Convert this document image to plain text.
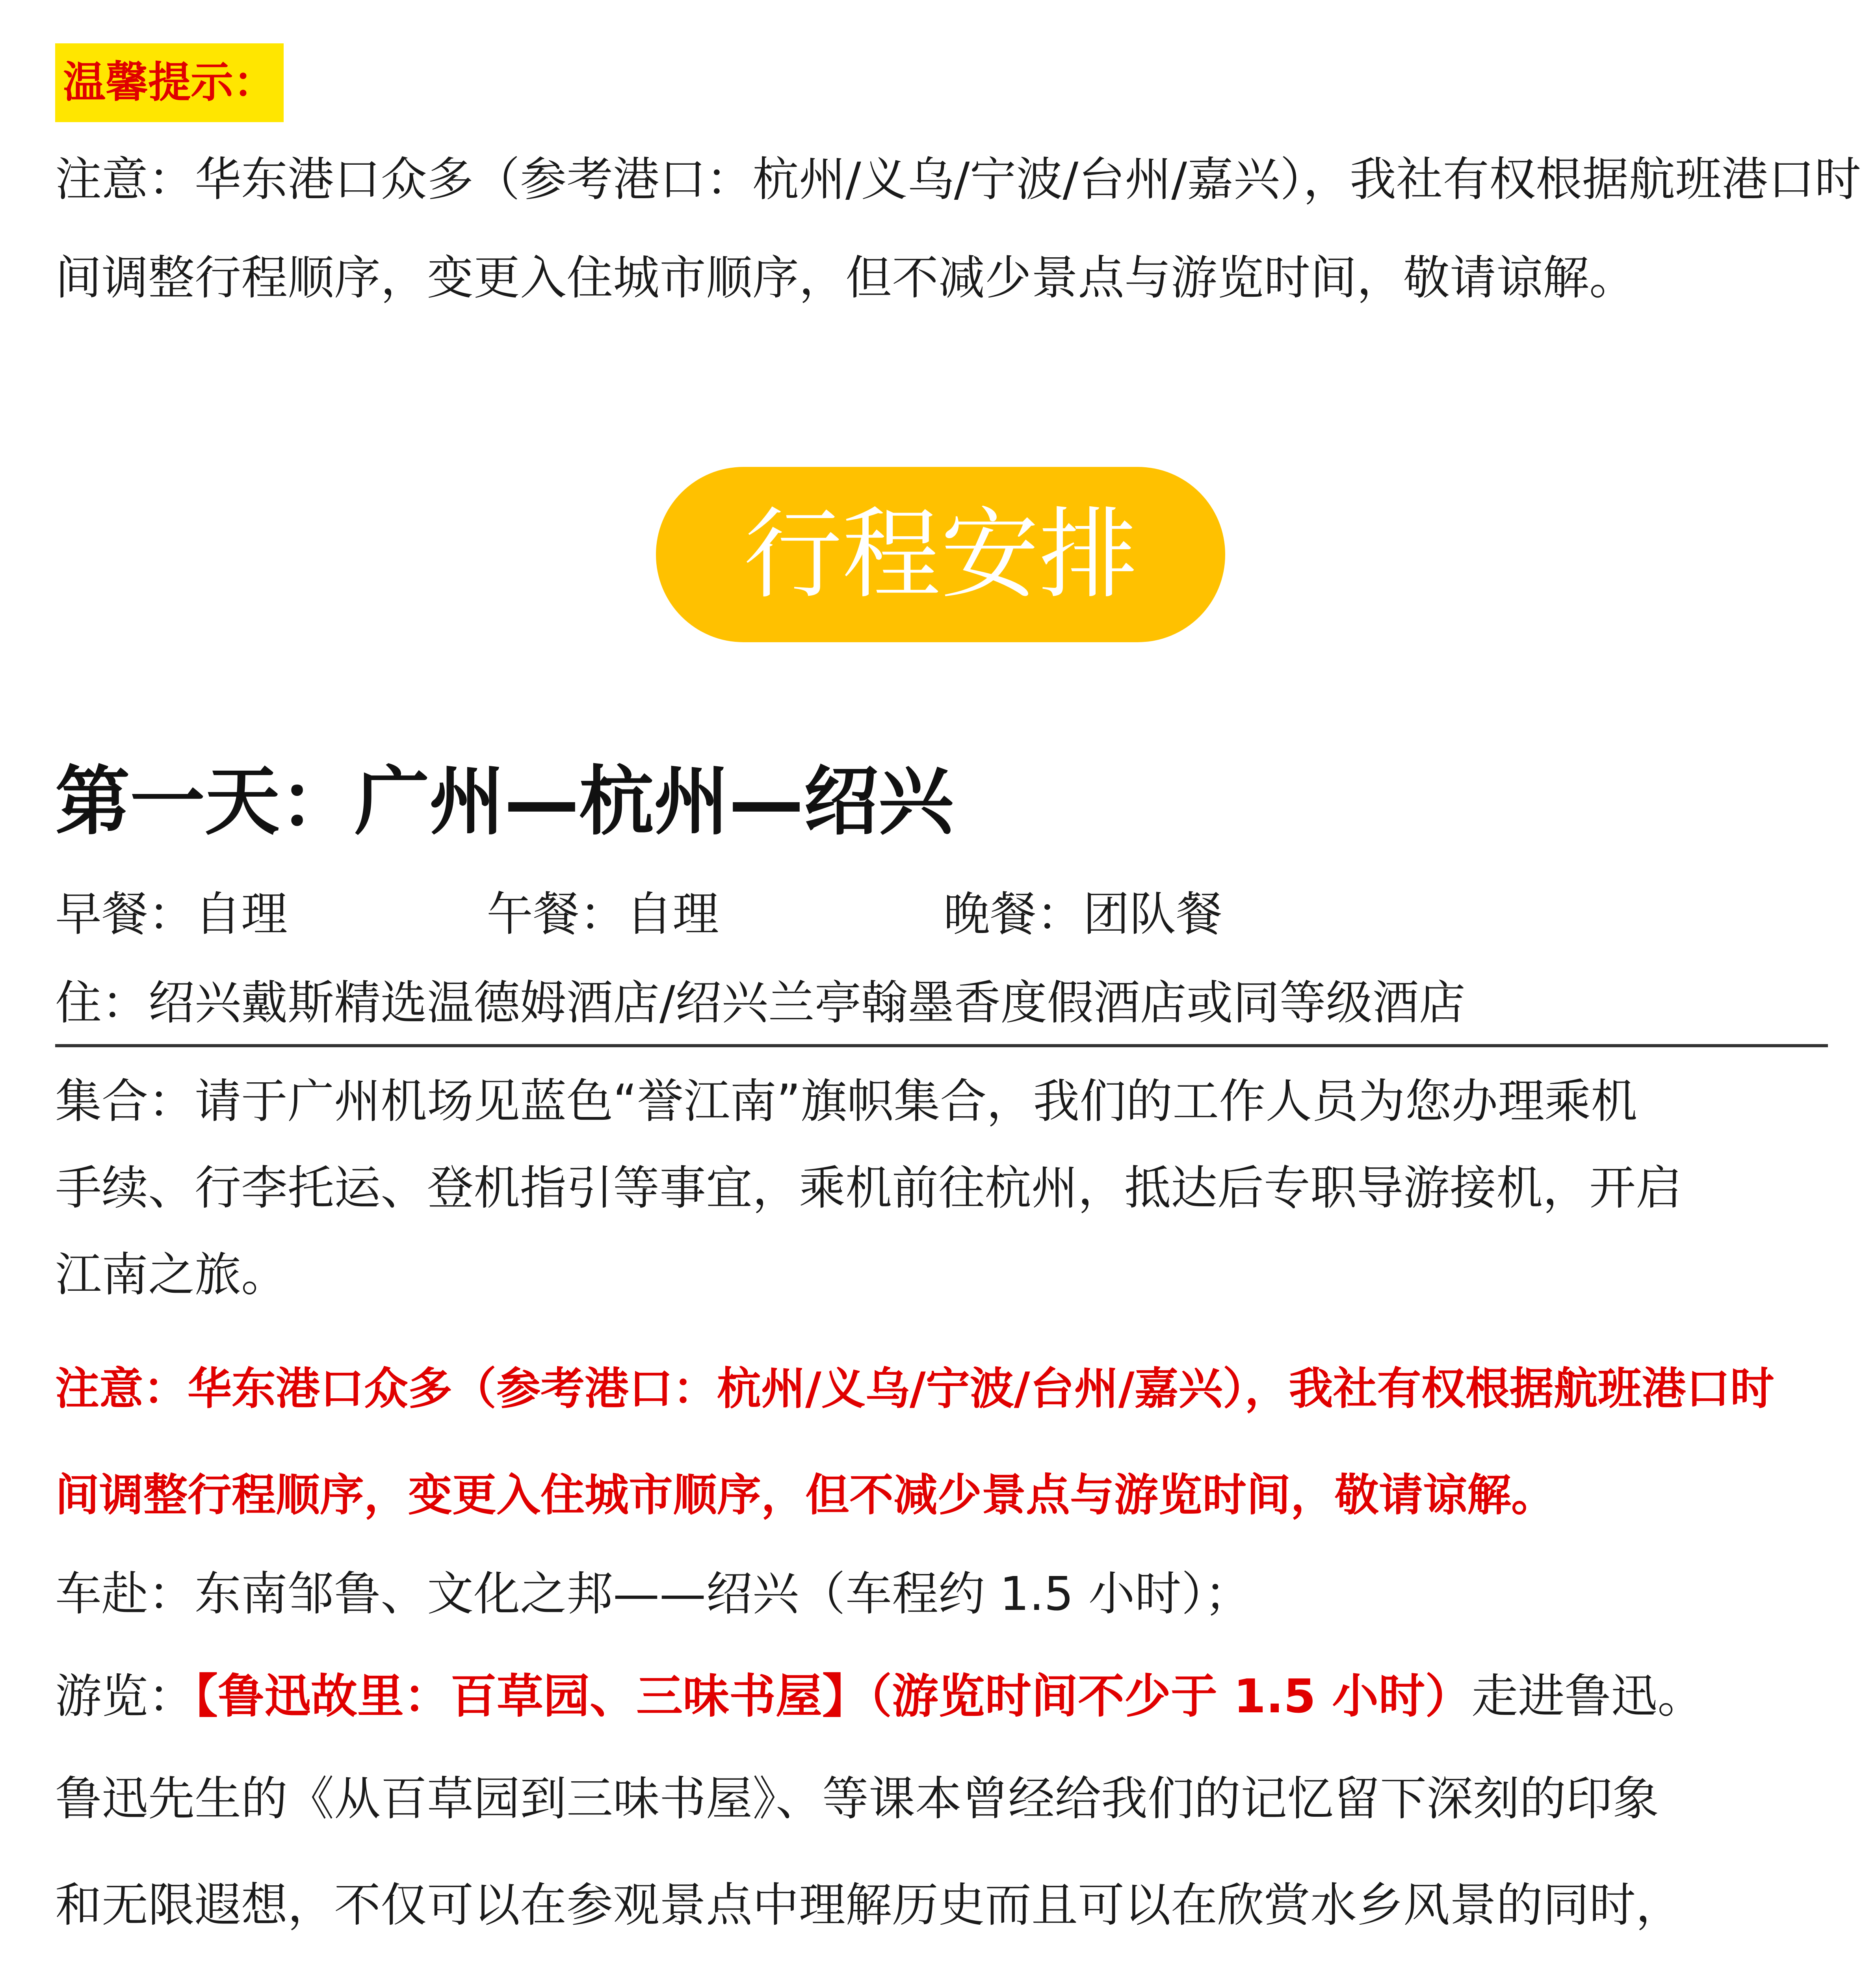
温馨提示：
注意：华东港口众多（参考港口：杭州/义乌/宁波/台州/嘉兴），我社有权根据航班港口时
间调整行程顺序，变更入住城市顺序，但不减少景点与游览时间，敬请谅解。
行程安排
第一天：广州—杭州—绍兴
早餐：自理	午餐：自理	晚餐：团队餐
住：绍兴戴斯精选温德姆酒店/绍兴兰亭翰墨香度假酒店或同等级酒店
集合：请于广州机场见蓝色“誉江南”旗帜集合，我们的工作人员为您办理乘机
手续、行李托运、登机指引等事宜，乘机前往杭州，抵达后专职导游接机，开启
江南之旅。
注意：华东港口众多（参考港口：杭州/义乌/宁波/台州/嘉兴），我社有权根据航班港口时
间调整行程顺序，变更入住城市顺序，但不减少景点与游览时间，敬请谅解。
车赴：东南邹鲁、文化之邦——绍兴（车程约 1.5 小时）；
游览：【鲁迅故里：百草园、三味书屋】（游览时间不少于 1.5 小时）走进鲁迅。
鲁迅先生的《从百草园到三味书屋》、等课本曾经给我们的记忆留下深刻的印象
和无限遐想，不仅可以在参观景点中理解历史而且可以在欣赏水乡风景的同时，
